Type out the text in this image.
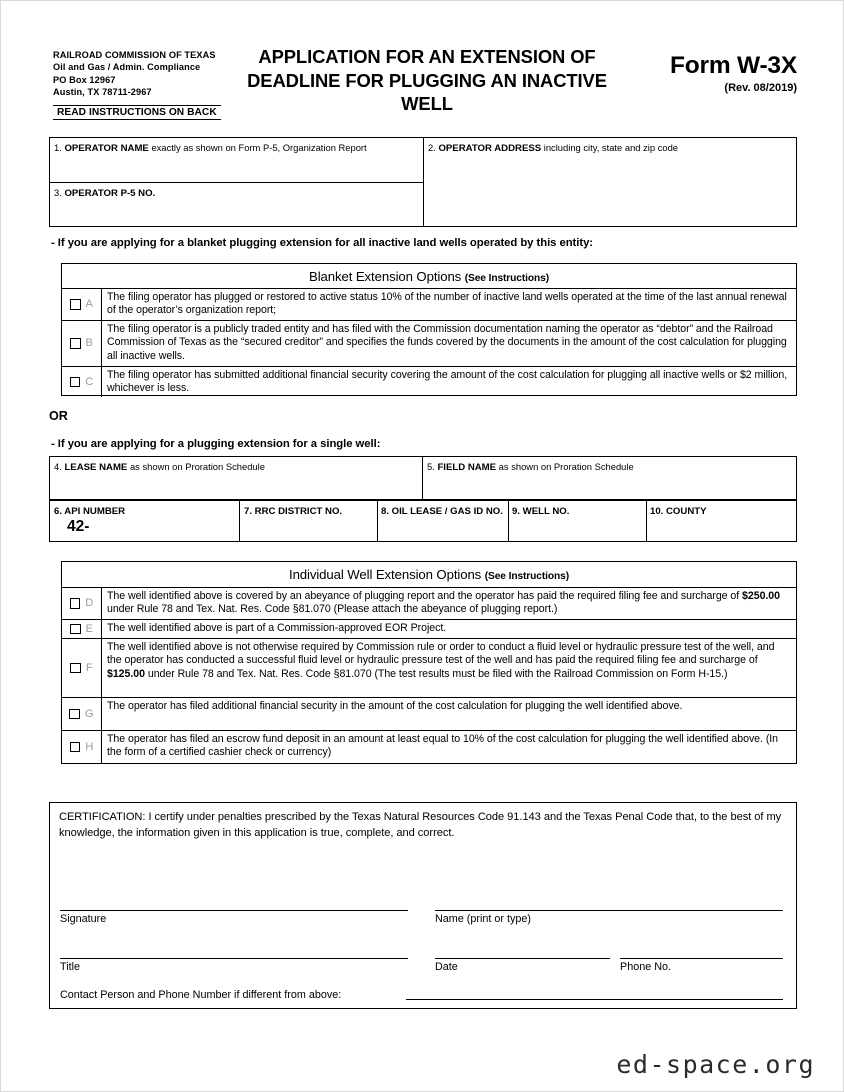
RAILROAD COMMISSION OF TEXAS
Oil and Gas / Admin. Compliance
PO Box 12967
Austin, TX 78711-2967
APPLICATION FOR AN EXTENSION OF DEADLINE FOR PLUGGING AN INACTIVE WELL
Form W-3X
(Rev. 08/2019)
READ INSTRUCTIONS ON BACK
1. OPERATOR NAME exactly as shown on Form P-5, Organization Report
3. OPERATOR P-5 NO.
2. OPERATOR ADDRESS including city, state and zip code
- If you are applying for a blanket plugging extension for all inactive land wells operated by this entity:
Blanket Extension Options (See Instructions)
A
The filing operator has plugged or restored to active status 10% of the number of inactive land wells operated at the time of the last annual renewal of the operator’s organization report;
B
The filing operator is a publicly traded entity and has filed with the Commission documentation naming the operator as “debtor” and the Railroad Commission of Texas as the “secured creditor” and specifies the funds covered by the documents in the amount of the cost calculation for plugging all inactive wells.
C
The filing operator has submitted additional financial security covering the amount of the cost calculation for plugging all inactive wells or $2 million, whichever is less.
OR
- If you are applying for a plugging extension for a single well:
4. LEASE NAME as shown on Proration Schedule	5. FIELD NAME as shown on Proration Schedule
6. API NUMBER
42-
7. RRC DISTRICT NO.	8. OIL LEASE / GAS ID NO. 9. WELL NO.	10. COUNTY
Individual Well Extension Options (See Instructions)
D
The well identified above is covered by an abeyance of plugging report and the operator has paid the required filing fee and surcharge of $250.00 under Rule 78 and Tex. Nat. Res. Code §81.070 (Please attach the abeyance of plugging report.)
E	The well identified above is part of a Commission-approved EOR Project.
F
The well identified above is not otherwise required by Commission rule or order to conduct a fluid level or hydraulic pressure test of the well, and the operator has conducted a successful fluid level or hydraulic pressure test of the well and has paid the required filing fee and surcharge of $125.00 under Rule 78 and Tex. Nat. Res. Code §81.070 (The test results must be filed with the Railroad Commission on Form H-15.)
G
The operator has filed additional financial security in the amount of the cost calculation for plugging the well identified above.
H
The operator has filed an escrow fund deposit in an amount at least equal to 10% of the cost calculation for plugging the well identified above. (In the form of a certified cashier check or currency)
CERTIFICATION: I certify under penalties prescribed by the Texas Natural Resources Code 91.143 and the Texas Penal Code that, to the best of my knowledge, the information given in this application is true, complete, and correct.
Signature	Name (print or type)
Title	Date	Phone No.
Contact Person and Phone Number if different from above:
ed-space.org
